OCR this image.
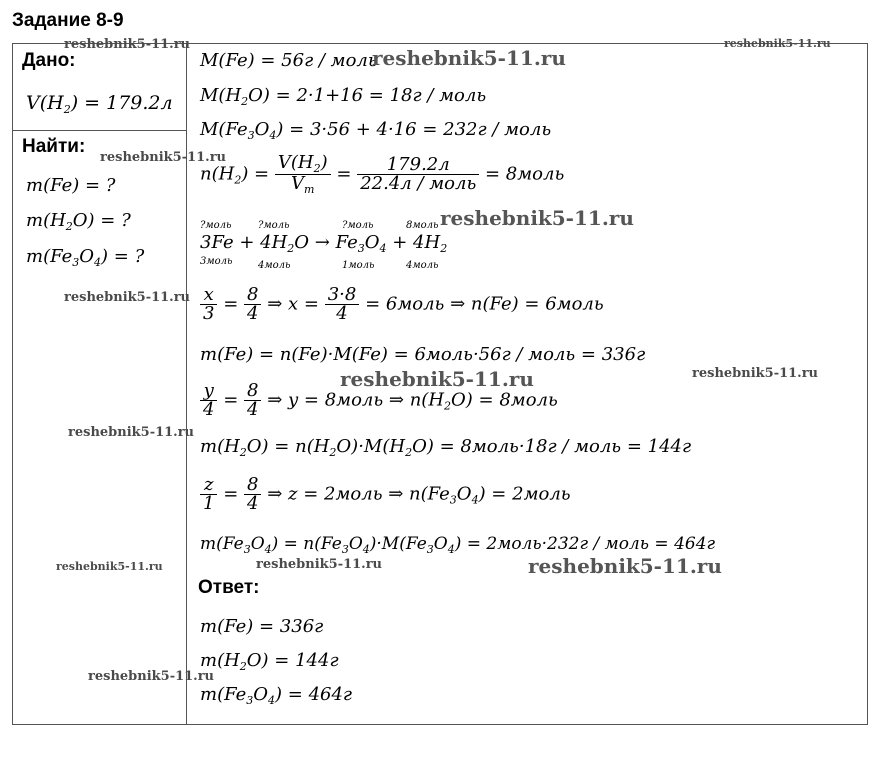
Задание 8-9
Дано:
$V(H_2) = 179.2л$
Найти:
m(Fe) = ?
$m(H_2O)$ = ?
$m(Fe_3O_4)$ = ?
M(Fe) = 56г / моль
$M(H_2O) = 2\cdot 1+16 = 18г$ / моль
$M(Fe_3O_4) = 3\cdot 56 + 4\cdot 16 = 232г$ / моль
$n(H_2) = \frac{V(H_2)}{V_m} = \frac{179.2л}{\text{22.4л / моль}}$ = 8моль
?моль	?моль	?моль	8моль
$3Fe + 4H_2O \to Fe_3O_4 + 4H_2$
3моль	4моль	1моль	4моль
$\frac{x}{3} = \frac{8}{4}$ ⇒ $x = \frac{3\cdot 8}{4}$ = 6моль ⇒ n(Fe) = 6моль
m(Fe) = n(Fe)·M(Fe) = 6моль·56г / моль = 336г
$\frac{y}{4} = \frac{8}{4}$ ⇒ y = 8моль ⇒ $n(H_2O)$ = 8моль
$m(H_2O) = n(H_2O)\cdot M(H_2O)$ = 8моль·18г / моль = 144г
$\frac{z}{1} = \frac{8}{4}$ ⇒ z = 2моль ⇒ $n(Fe_3O_4)$ = 2моль
$m(Fe_3O_4) = n(Fe_3O_4)\cdot M(Fe_3O_4)$ = 2моль·232г / моль = 464г
Ответ:
m(Fe) = 336г
$m(H_2O) = 144г$
$m(Fe_3O_4) = 464г$
reshebnik5-11.ru
reshebnik5-11.ru
reshebnik5-11.ru
reshebnik5-11.ru
reshebnik5-11.ru
reshebnik5-11.ru
reshebnik5-11.ru	reshebnik5-11.ru
reshebnik5-11.ru
reshebnik5-11.ru	reshebnik5-11.ru	reshebnik5-11.ru
reshebnik5-11.ru
